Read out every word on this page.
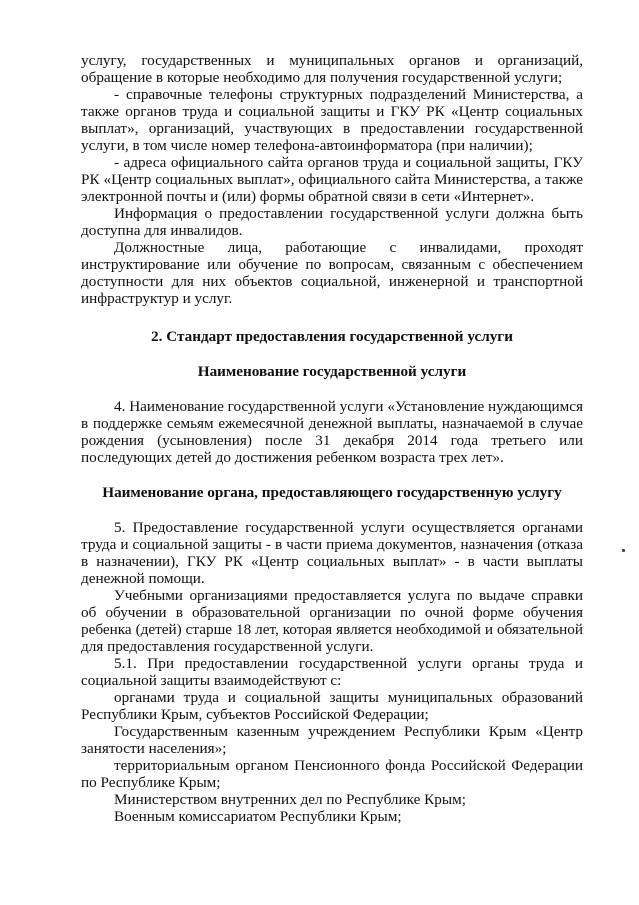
услугу, государственных и муниципальных органов и организаций, обращение в которые необходимо для получения государственной услуги;

- справочные телефоны структурных подразделений Министерства, а также органов труда и социальной защиты и ГКУ РК «Центр социальных выплат», организаций, участвующих в предоставлении государственной услуги, в том числе номер телефона-автоинформатора (при наличии);

- адреса официального сайта органов труда и социальной защиты, ГКУ РК «Центр социальных выплат», официального сайта Министерства, а также электронной почты и (или) формы обратной связи в сети «Интернет».

Информация о предоставлении государственной услуги должна быть доступна для инвалидов.

Должностные лица, работающие с инвалидами, проходят инструктирование или обучение по вопросам, связанным с обеспечением доступности для них объектов социальной, инженерной и транспортной инфраструктур и услуг.

2. Стандарт предоставления государственной услуги

Наименование государственной услуги

4. Наименование государственной услуги «Установление нуждающимся в поддержке семьям ежемесячной денежной выплаты, назначаемой в случае рождения (усыновления) после 31 декабря 2014 года третьего или последующих детей до достижения ребенком возраста трех лет».

Наименование органа, предоставляющего государственную услугу

5. Предоставление государственной услуги осуществляется органами труда и социальной защиты - в части приема документов, назначения (отказа в назначении), ГКУ РК «Центр социальных выплат» - в части выплаты денежной помощи.

Учебными организациями предоставляется услуга по выдаче справки об обучении в образовательной организации по очной форме обучения ребенка (детей) старше 18 лет, которая является необходимой и обязательной для предоставления государственной услуги.

5.1. При предоставлении государственной услуги органы труда и социальной защиты взаимодействуют с:

органами труда и социальной защиты муниципальных образований Республики Крым, субъектов Российской Федерации;

Государственным казенным учреждением Республики Крым «Центр занятости населения»;

территориальным органом Пенсионного фонда Российской Федерации по Республике Крым;

Министерством внутренних дел по Республике Крым;

Военным комиссариатом Республики Крым;
